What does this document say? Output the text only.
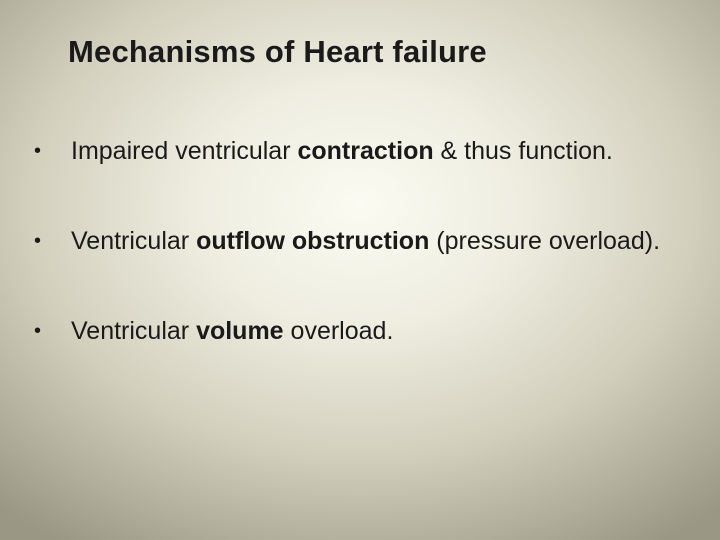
Mechanisms of Heart failure
• Impaired ventricular contraction & thus function.
• Ventricular outflow obstruction (pressure overload).
• Ventricular volume overload.
